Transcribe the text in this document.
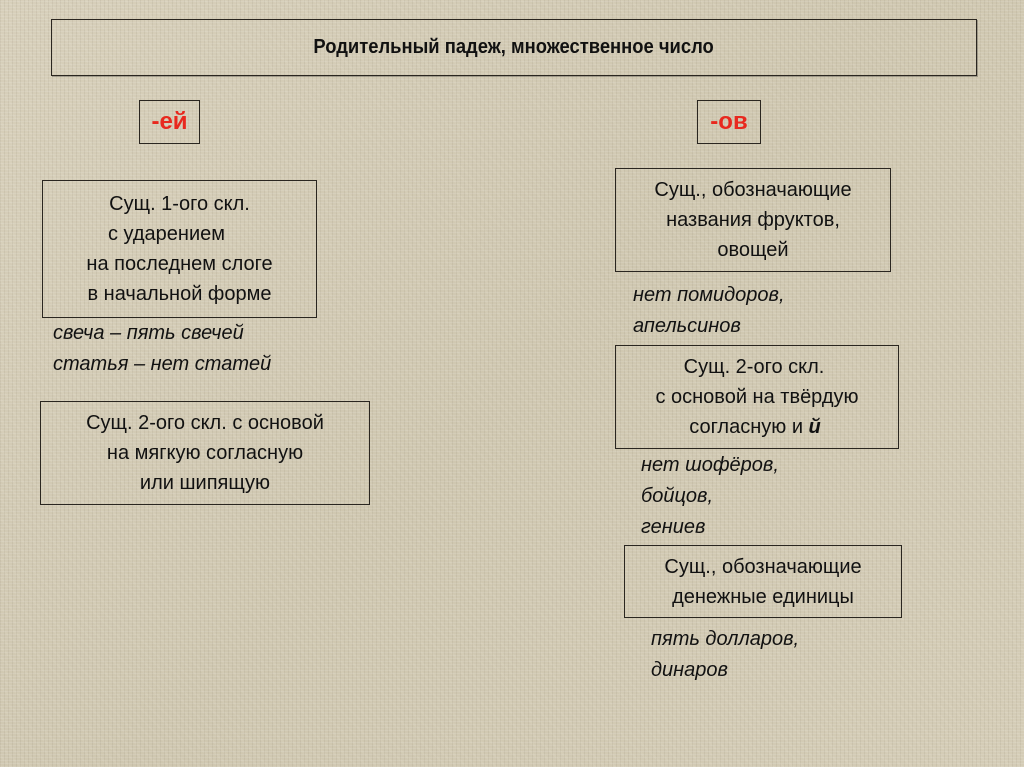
Родительный падеж, множественное число
-ей	-ов
Сущ. 1-ого скл.
с ударением
на последнем слоге
в начальной форме
свеча – пять свечей
статья – нет статей
Сущ. 2-ого скл. с основой
на мягкую согласную
или шипящую
Сущ., обозначающие
названия фруктов,
овощей
нет помидоров,
апельсинов
Сущ. 2-ого скл.
с основой на твёрдую
согласную и й
нет шофёров,
бойцов,
гениев
Сущ., обозначающие
денежные единицы
пять долларов,
динаров
